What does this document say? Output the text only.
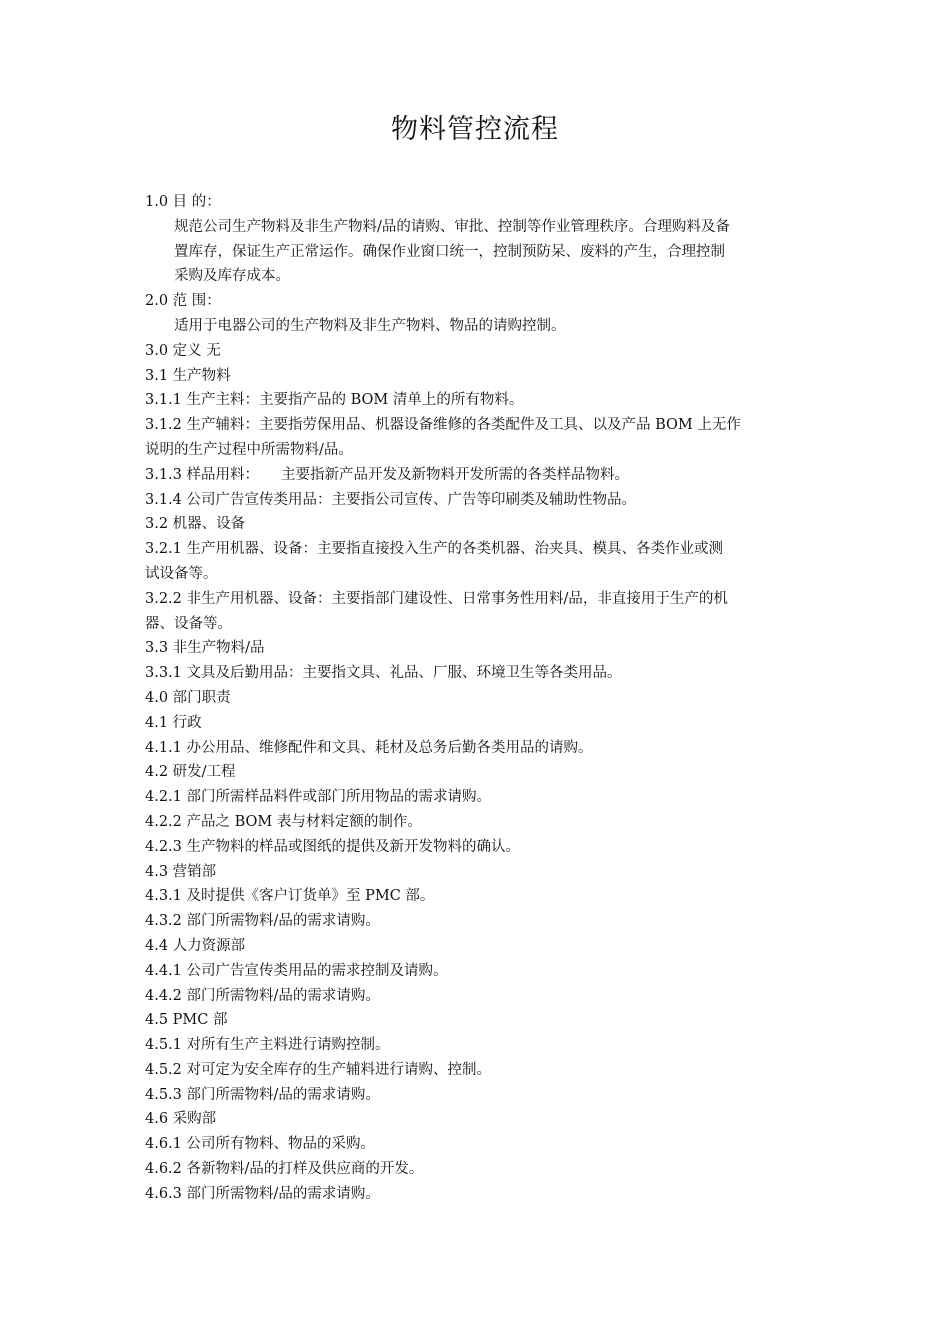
物料管控流程
1.0 目 的：
规范公司生产物料及非生产物料/品的请购、审批、控制等作业管理秩序。合理购料及备
置库存，保证生产正常运作。确保作业窗口统一，控制预防呆、废料的产生，合理控制
采购及库存成本。
2.0 范 围：
适用于电器公司的生产物料及非生产物料、物品的请购控制。
3.0 定义 无
3.1 生产物料
3.1.1 生产主料：主要指产品的 BOM 清单上的所有物料。
3.1.2 生产辅料：主要指劳保用品、机器设备维修的各类配件及工具、以及产品 BOM 上无作
说明的生产过程中所需物料/品。
3.1.3 样品用料： 主要指新产品开发及新物料开发所需的各类样品物料。
3.1.4 公司广告宣传类用品：主要指公司宣传、广告等印刷类及辅助性物品。
3.2 机器、设备
3.2.1 生产用机器、设备：主要指直接投入生产的各类机器、治夹具、模具、各类作业或测
试设备等。
3.2.2 非生产用机器、设备：主要指部门建设性、日常事务性用料/品，非直接用于生产的机
器、设备等。
3.3 非生产物料/品
3.3.1 文具及后勤用品：主要指文具、礼品、厂服、环境卫生等各类用品。
4.0 部门职责
4.1 行政
4.1.1 办公用品、维修配件和文具、耗材及总务后勤各类用品的请购。
4.2 研发/工程
4.2.1 部门所需样品料件或部门所用物品的需求请购。
4.2.2 产品之 BOM 表与材料定额的制作。
4.2.3 生产物料的样品或图纸的提供及新开发物料的确认。
4.3 营销部
4.3.1 及时提供《客户订货单》至 PMC 部。
4.3.2 部门所需物料/品的需求请购。
4.4 人力资源部
4.4.1 公司广告宣传类用品的需求控制及请购。
4.4.2 部门所需物料/品的需求请购。
4.5 PMC 部
4.5.1 对所有生产主料进行请购控制。
4.5.2 对可定为安全库存的生产辅料进行请购、控制。
4.5.3 部门所需物料/品的需求请购。
4.6 采购部
4.6.1 公司所有物料、物品的采购。
4.6.2 各新物料/品的打样及供应商的开发。
4.6.3 部门所需物料/品的需求请购。
